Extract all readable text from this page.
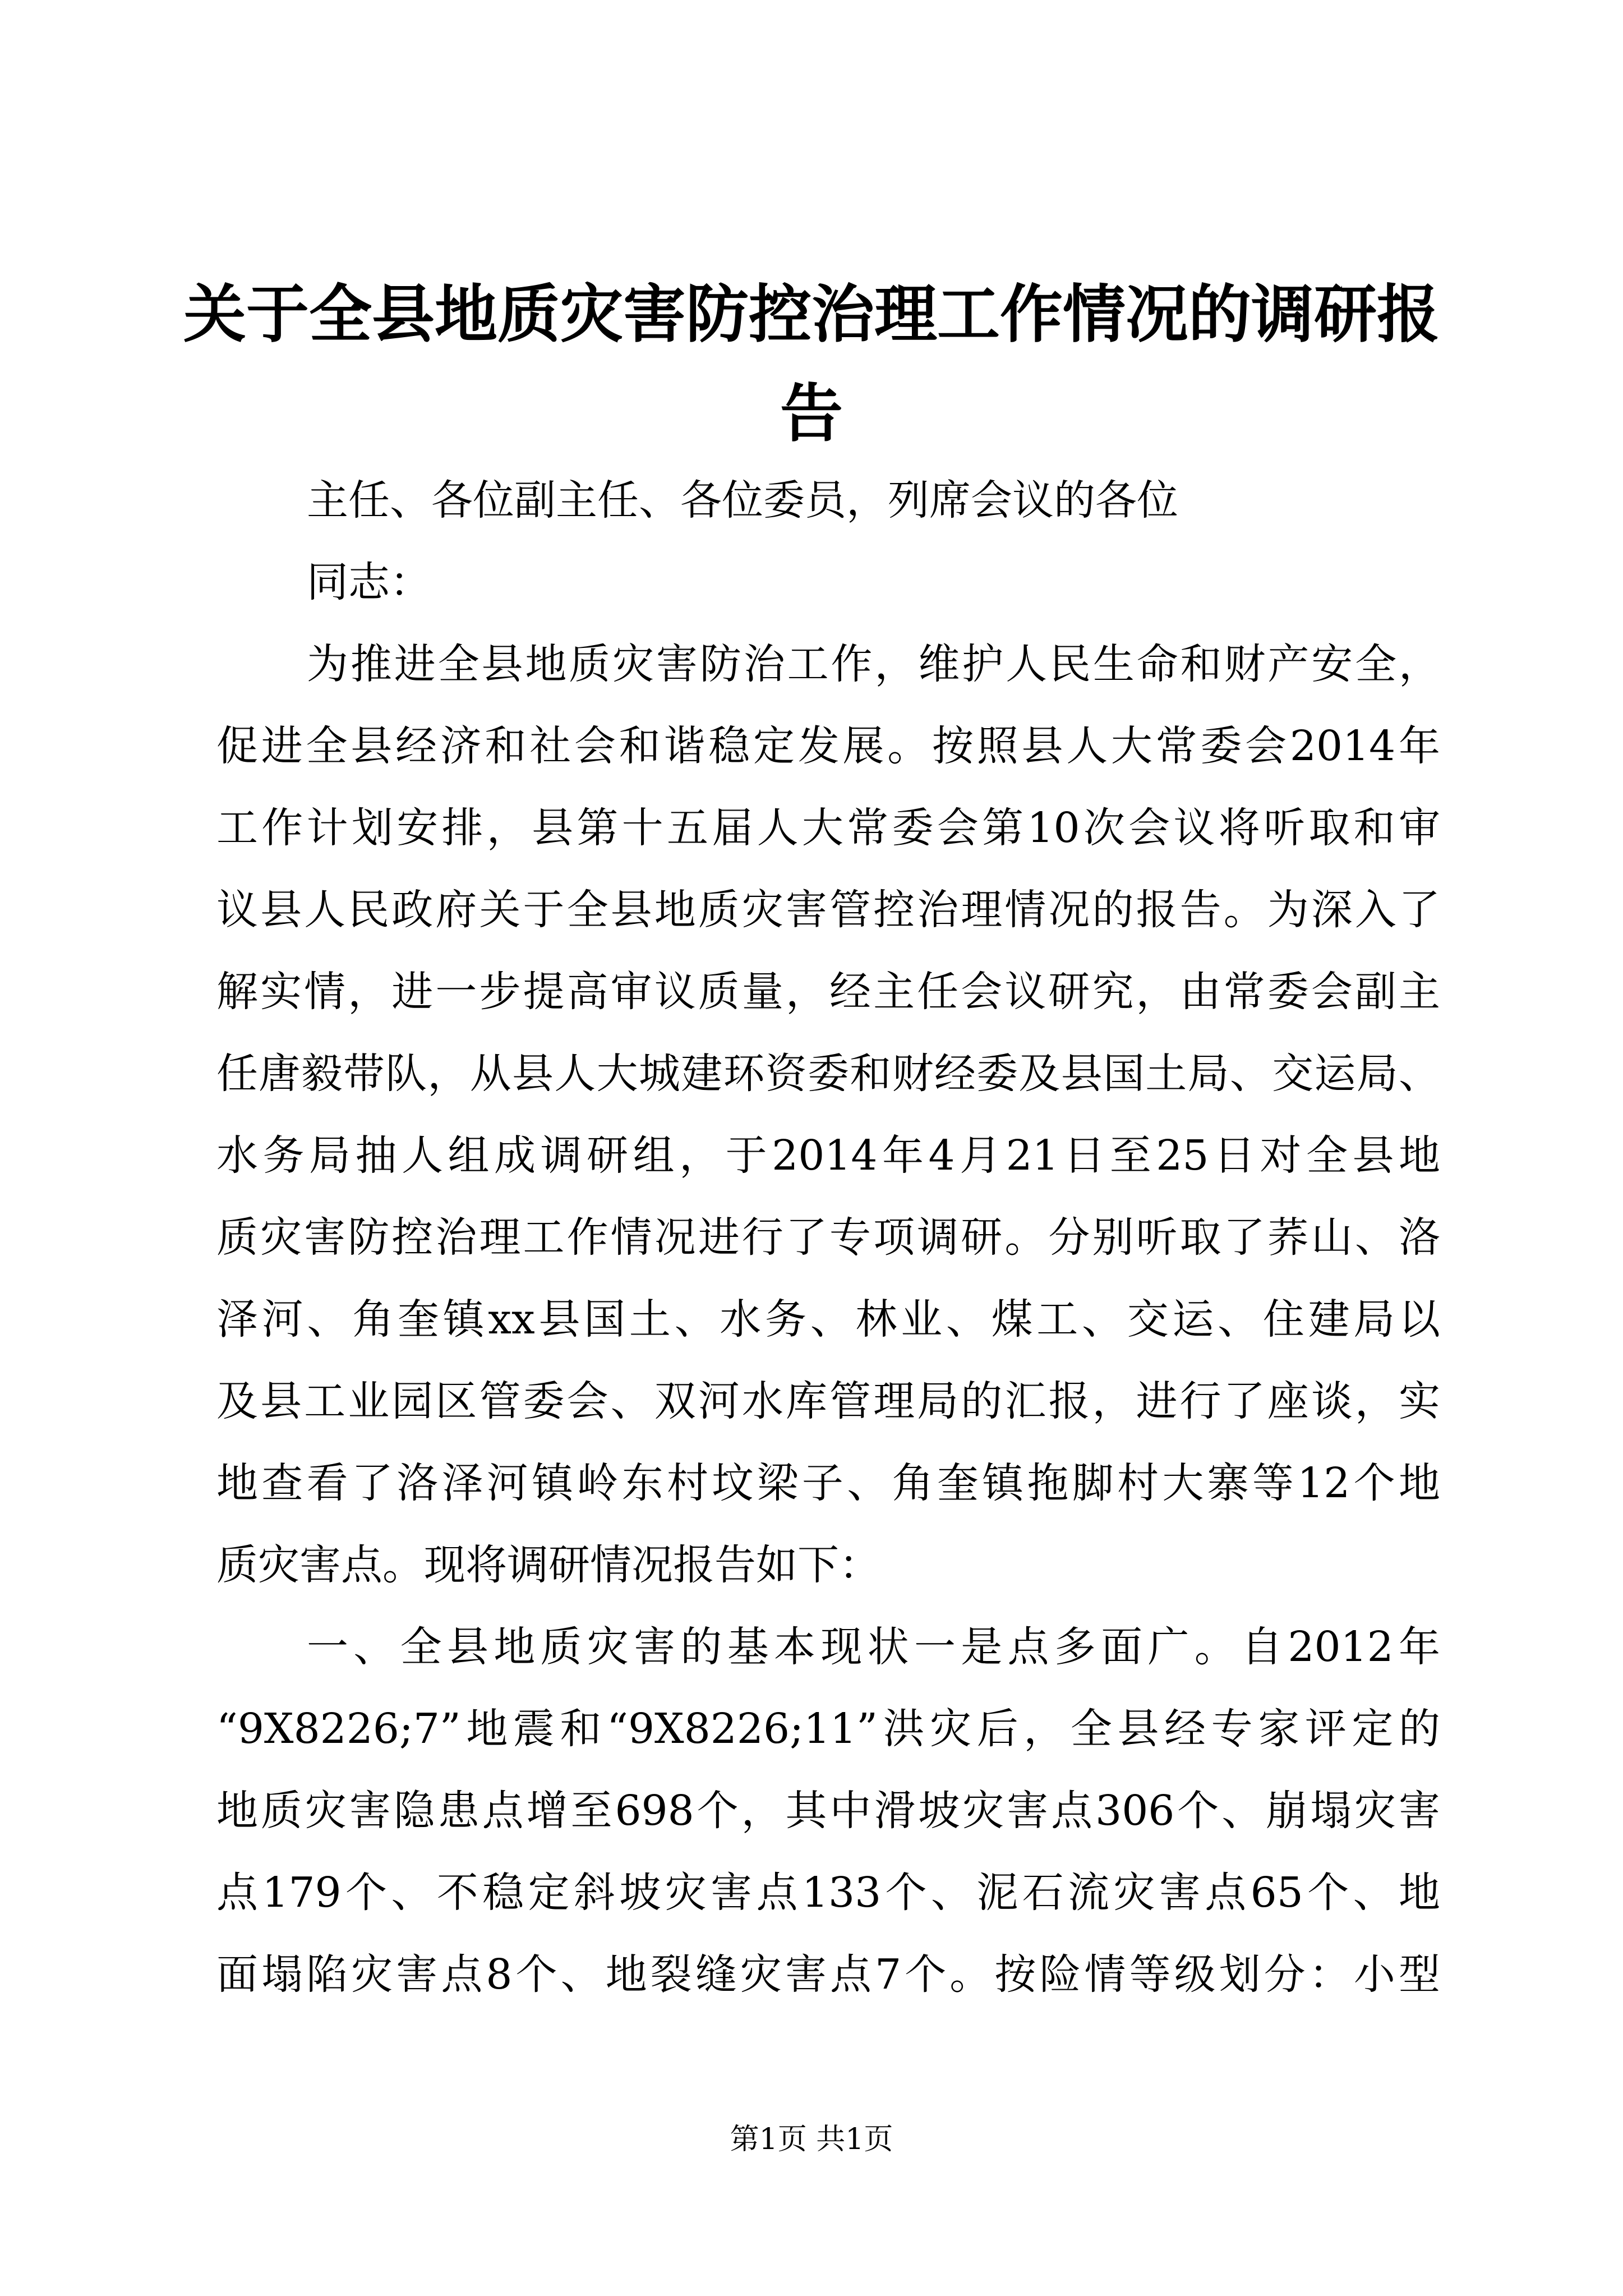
关于全县地质灾害防控治理工作情况的调研报告
主任、各位副主任、各位委员，列席会议的各位
同志：
为推进全县地质灾害防治工作，维护人民生命和财产安全，
促进全县经济和社会和谐稳定发展。按照县人大常委会2014年
工作计划安排，县第十五届人大常委会第10次会议将听取和审
议县人民政府关于全县地质灾害管控治理情况的报告。为深入了
解实情，进一步提高审议质量，经主任会议研究，由常委会副主
任唐毅带队，从县人大城建环资委和财经委及县国土局、交运局、
水务局抽人组成调研组，于2014年4月21日至25日对全县地
质灾害防控治理工作情况进行了专项调研。分别听取了荞山、洛
泽河、角奎镇xx县国土、水务、林业、煤工、交运、住建局以
及县工业园区管委会、双河水库管理局的汇报，进行了座谈，实
地查看了洛泽河镇岭东村坟梁子、角奎镇拖脚村大寨等12个地
质灾害点。现将调研情况报告如下：
一、全县地质灾害的基本现状一是点多面广。自2012年
“9X8226;7”地震和“9X8226;11”洪灾后，全县经专家评定的
地质灾害隐患点增至698个，其中滑坡灾害点306个、崩塌灾害
点179个、不稳定斜坡灾害点133个、泥石流灾害点65个、地
面塌陷灾害点8个、地裂缝灾害点7个。按险情等级划分：小型
第1页 共1页
